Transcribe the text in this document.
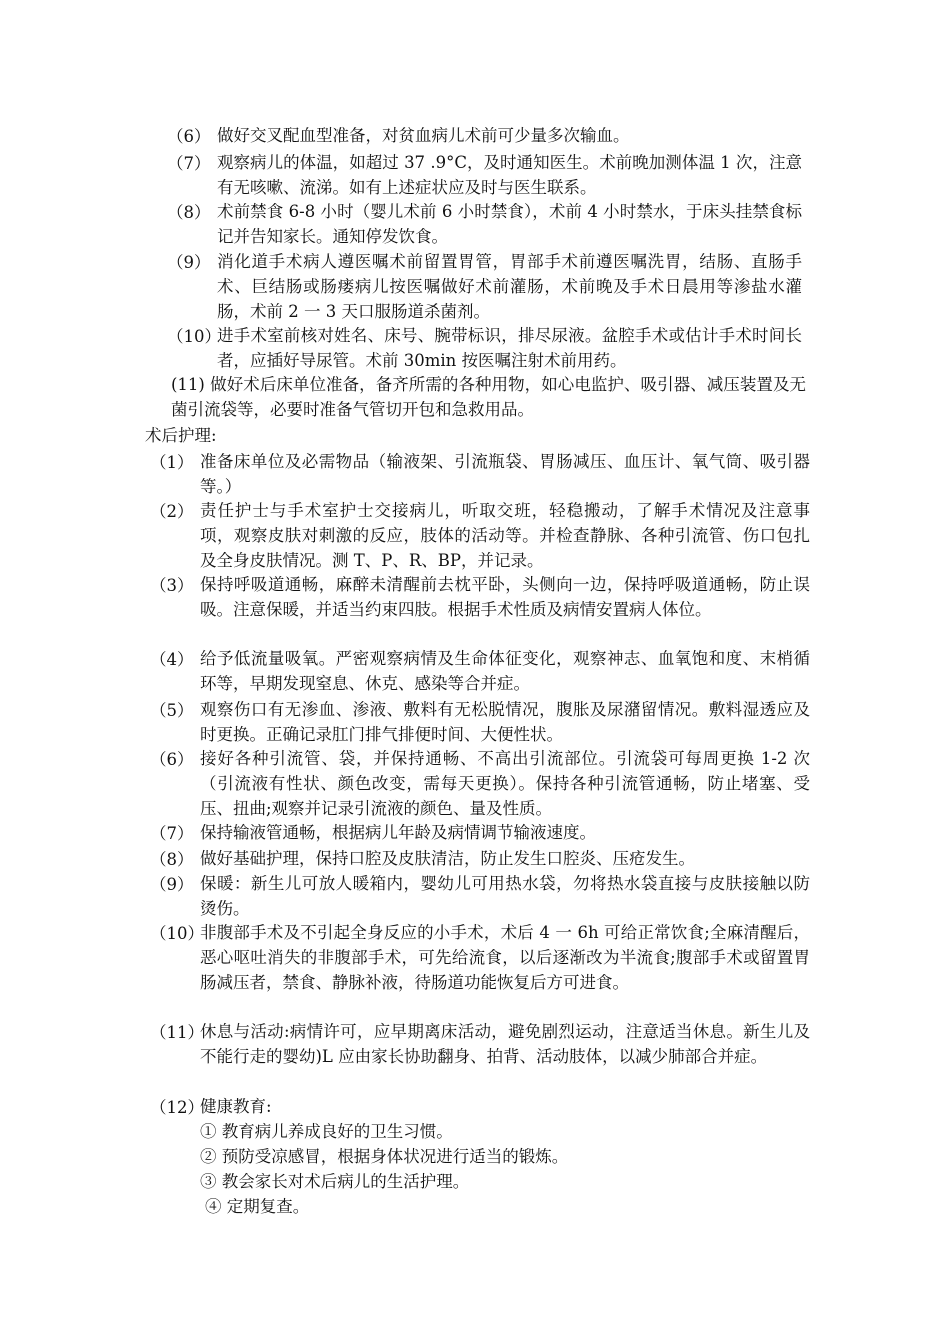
（6） 做好交叉配血型准备，对贫血病儿术前可少量多次输血。
（7） 观察病儿的体温，如超过 37 .9°C，及时通知医生。术前晚加测体温 1 次，注意有无咳嗽、流涕。如有上述症状应及时与医生联系。
（8） 术前禁食 6-8 小时（婴儿术前 6 小时禁食），术前 4 小时禁水，于床头挂禁食标记并告知家长。通知停发饮食。
（9） 消化道手术病人遵医嘱术前留置胃管，胃部手术前遵医嘱洗胃，结肠、直肠手术、巨结肠或肠瘘病儿按医嘱做好术前灌肠，术前晚及手术日晨用等渗盐水灌肠，术前 2 一 3 天口服肠道杀菌剂。
（10）
进手术室前核对姓名、床号、腕带标识，排尽尿液。盆腔手术或估计手术时间长者，应插好导尿管。术前 30min 按医嘱注射术前用药。
(11) 做好术后床单位准备，备齐所需的各种用物，如心电监护、吸引器、减压装置及无菌引流袋等，必要时准备气管切开包和急救用品。
术后护理:
（1） 准备床单位及必需物品（输液架、引流瓶袋、胃肠减压、血压计、氧气筒、吸引器等。）
（2） 责任护士与手术室护士交接病儿，听取交班，轻稳搬动，了解手术情况及注意事项，观察皮肤对刺激的反应，肢体的活动等。并检查静脉、各种引流管、伤口包扎及全身皮肤情况。测 T、P、R、BP，并记录。
（3） 保持呼吸道通畅，麻醉未清醒前去枕平卧，头侧向一边，保持呼吸道通畅，防止误吸。注意保暖，并适当约束四肢。根据手术性质及病情安置病人体位。
（4） 给予低流量吸氧。严密观察病情及生命体征变化，观察神志、血氧饱和度、末梢循环等，早期发现窒息、休克、感染等合并症。
（5） 观察伤口有无渗血、渗液、敷料有无松脱情况，腹胀及尿潴留情况。敷料湿透应及时更换。正确记录肛门排气排便时间、大便性状。
（6） 接好各种引流管、袋，并保持通畅、不高出引流部位。引流袋可每周更换 1-2 次（引流液有性状、颜色改变，需每天更换）。保持各种引流管通畅，防止堵塞、受压、扭曲;观察并记录引流液的颜色、量及性质。
（7） 保持输液管通畅，根据病儿年龄及病情调节输液速度。
（8） 做好基础护理，保持口腔及皮肤清洁，防止发生口腔炎、压疮发生。
（9） 保暖：新生儿可放人暖箱内，婴幼儿可用热水袋，勿将热水袋直接与皮肤接触以防烫伤。
（10）
非腹部手术及不引起全身反应的小手术，术后 4 一 6h 可给正常饮食;全麻清醒后，恶心呕吐消失的非腹部手术，可先给流食，以后逐渐改为半流食;腹部手术或留置胃肠减压者，禁食、静脉补液，待肠道功能恢复后方可进食。
（11）
休息与活动:病情许可，应早期离床活动，避免剧烈运动，注意适当休息。新生儿及不能行走的婴幼)L 应由家长协助翻身、拍背、活动肢体，以减少肺部合并症。
（12）
健康教育:
① 教育病儿养成良好的卫生习惯。
② 预防受凉感冒，根据身体状况进行适当的锻炼。
③ 教会家长对术后病儿的生活护理。
④ 定期复查。
